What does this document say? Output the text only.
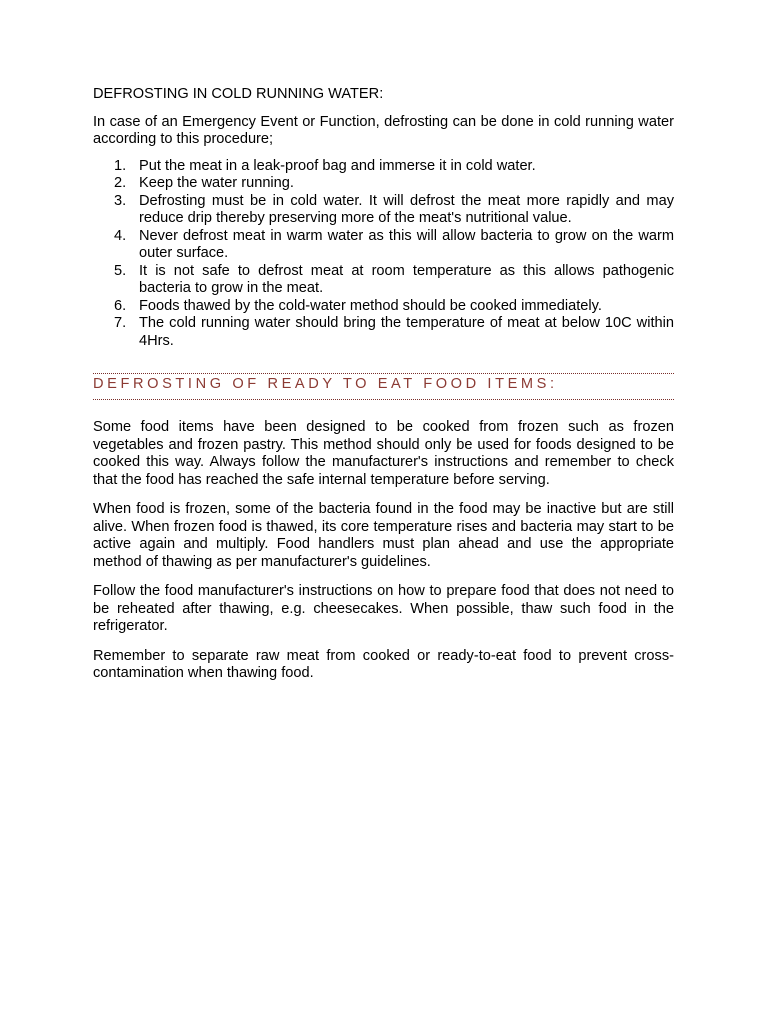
DEFROSTING IN COLD RUNNING WATER:
In case of an Emergency Event or Function, defrosting can be done in cold running water according to this procedure;
1. Put the meat in a leak-proof bag and immerse it in cold water.
2. Keep the water running.
3. Defrosting must be in cold water. It will defrost the meat more rapidly and may reduce drip thereby preserving more of the meat's nutritional value.
4. Never defrost meat in warm water as this will allow bacteria to grow on the warm outer surface.
5. It is not safe to defrost meat at room temperature as this allows pathogenic bacteria to grow in the meat.
6. Foods thawed by the cold-water method should be cooked immediately.
7. The cold running water should bring the temperature of meat at below 10C within 4Hrs.
DEFROSTING OF READY TO EAT FOOD ITEMS:
Some food items have been designed to be cooked from frozen such as frozen vegetables and frozen pastry. This method should only be used for foods designed to be cooked this way. Always follow the manufacturer's instructions and remember to check that the food has reached the safe internal temperature before serving.
When food is frozen, some of the bacteria found in the food may be inactive but are still alive. When frozen food is thawed, its core temperature rises and bacteria may start to be active again and multiply. Food handlers must plan ahead and use the appropriate method of thawing as per manufacturer's guidelines.
Follow the food manufacturer's instructions on how to prepare food that does not need to be reheated after thawing, e.g. cheesecakes. When possible, thaw such food in the refrigerator.
Remember to separate raw meat from cooked or ready-to-eat food to prevent cross-contamination when thawing food.
